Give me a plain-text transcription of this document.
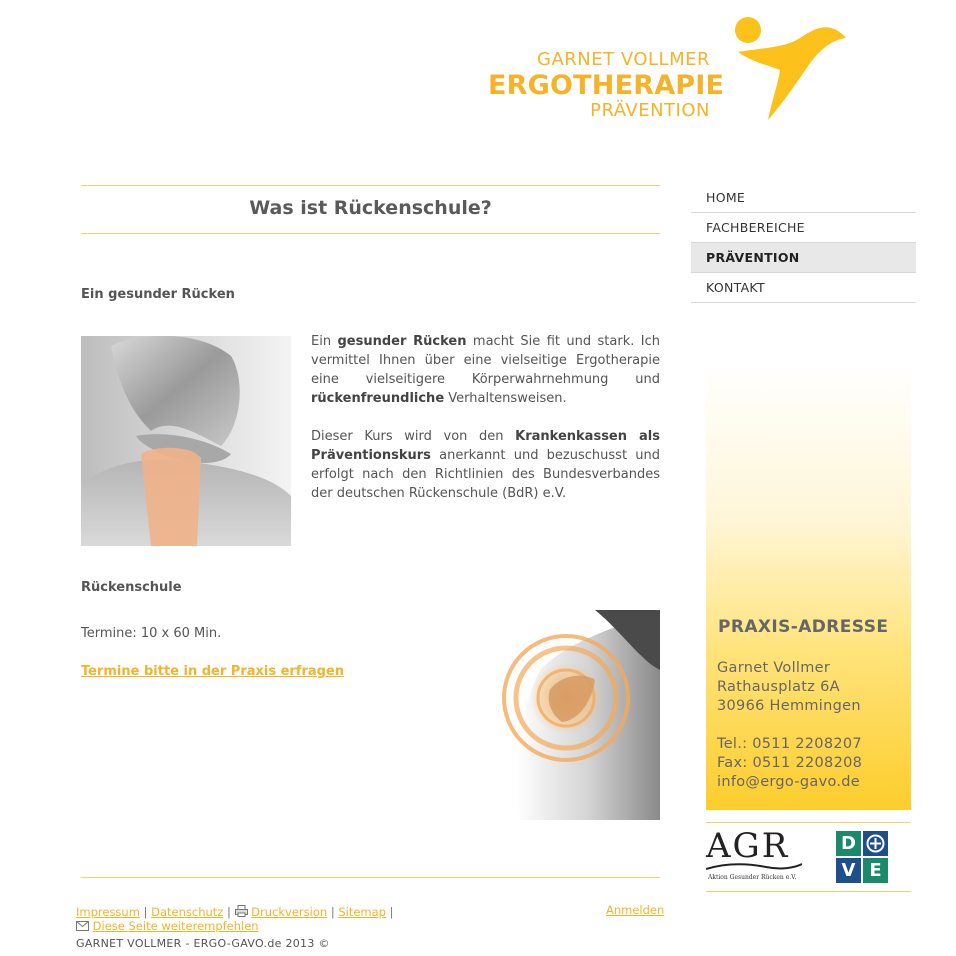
GARNET VOLLMER
ERGOTHERAPIE
PRÄVENTION
Was ist Rückenschule?
Ein gesunder Rücken
Ein gesunder Rücken macht Sie fit und stark. Ich vermittel Ihnen über eine vielseitige Ergotherapie eine vielseitigere Körperwahrnehmung und rückenfreundliche Verhaltensweisen.
Dieser Kurs wird von den Krankenkassen als Präventionskurs anerkannt und bezuschusst und erfolgt nach den Richtlinien des Bundesverbandes der deutschen Rückenschule (BdR) e.V.
Rückenschule
Termine: 10 x 60 Min.
Termine bitte in der Praxis erfragen
HOME
FACHBEREICHE
PRÄVENTION
KONTAKT
PRAXIS-ADRESSE
Garnet Vollmer
Rathausplatz 6A
30966 Hemmingen
Tel.: 0511 2208207
Fax: 0511 2208208
info@ergo-gavo.de
AGR
Aktion Gesunder Rücken e.V.
D
V E
Impressum | Datenschutz | Druckversion | Sitemap |
Diese Seite weiterempfehlen
Anmelden
GARNET VOLLMER - ERGO-GAVO.de 2013 ©
